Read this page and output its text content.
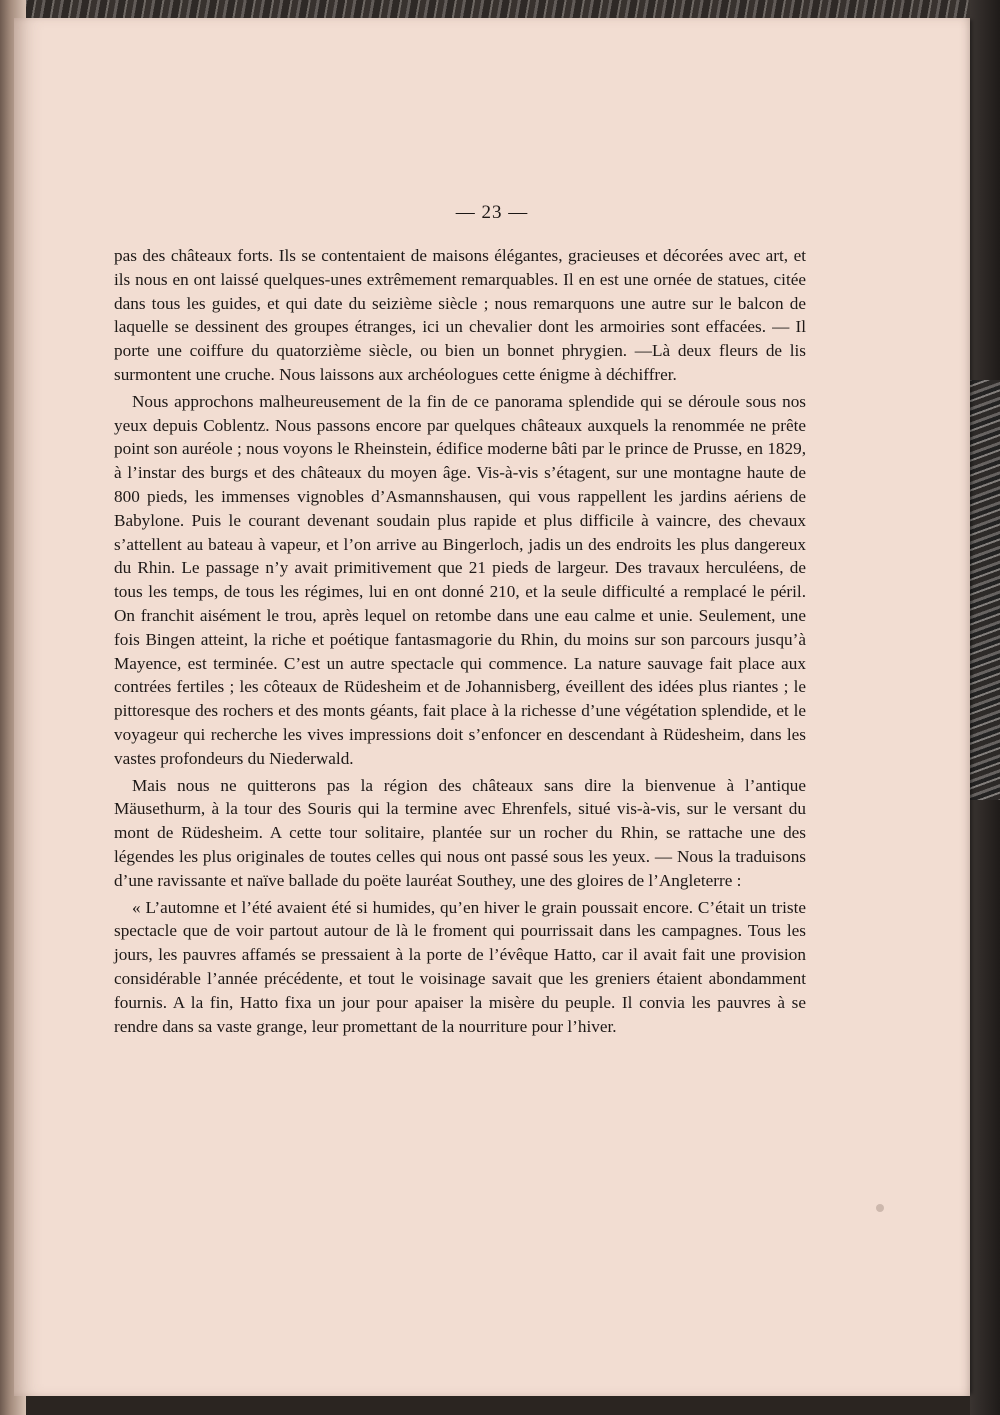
— 23 —

pas des châteaux forts. Ils se contentaient de maisons élégantes, gracieuses et décorées avec art, et ils nous en ont laissé quelques-unes extrêmement remarquables. Il en est une ornée de statues, citée dans tous les guides, et qui date du seizième siècle ; nous remarquons une autre sur le balcon de laquelle se dessinent des groupes étranges, ici un chevalier dont les armoiries sont effacées. — Il porte une coiffure du quatorzième siècle, ou bien un bonnet phrygien. —Là deux fleurs de lis surmontent une cruche. Nous laissons aux archéologues cette énigme à déchiffrer.

Nous approchons malheureusement de la fin de ce panorama splendide qui se déroule sous nos yeux depuis Coblentz. Nous passons encore par quelques châteaux auxquels la renommée ne prête point son auréole ; nous voyons le Rheinstein, édifice moderne bâti par le prince de Prusse, en 1829, à l’instar des burgs et des châteaux du moyen âge. Vis-à-vis s’étagent, sur une montagne haute de 800 pieds, les immenses vignobles d’Asmannshausen, qui vous rappellent les jardins aériens de Babylone. Puis le courant devenant soudain plus rapide et plus difficile à vaincre, des chevaux s’attellent au bateau à vapeur, et l’on arrive au Bingerloch, jadis un des endroits les plus dangereux du Rhin. Le passage n’y avait primitivement que 21 pieds de largeur. Des travaux herculéens, de tous les temps, de tous les régimes, lui en ont donné 210, et la seule difficulté a remplacé le péril. On franchit aisément le trou, après lequel on retombe dans une eau calme et unie. Seulement, une fois Bingen atteint, la riche et poétique fantasmagorie du Rhin, du moins sur son parcours jusqu’à Mayence, est terminée. C’est un autre spectacle qui commence. La nature sauvage fait place aux contrées fertiles ; les côteaux de Rüdesheim et de Johannisberg, éveillent des idées plus riantes ; le pittoresque des rochers et des monts géants, fait place à la richesse d’une végétation splendide, et le voyageur qui recherche les vives impressions doit s’enfoncer en descendant à Rüdesheim, dans les vastes profondeurs du Niederwald.

Mais nous ne quitterons pas la région des châteaux sans dire la bienvenue à l’antique Mäusethurm, à la tour des Souris qui la termine avec Ehrenfels, situé vis-à-vis, sur le versant du mont de Rüdesheim. A cette tour solitaire, plantée sur un rocher du Rhin, se rattache une des légendes les plus originales de toutes celles qui nous ont passé sous les yeux. — Nous la traduisons d’une ravissante et naïve ballade du poëte lauréat Southey, une des gloires de l’Angleterre :

« L’automne et l’été avaient été si humides, qu’en hiver le grain poussait encore. C’était un triste spectacle que de voir partout autour de là le froment qui pourrissait dans les campagnes. Tous les jours, les pauvres affamés se pressaient à la porte de l’évêque Hatto, car il avait fait une provision considérable l’année précédente, et tout le voisinage savait que les greniers étaient abondamment fournis. A la fin, Hatto fixa un jour pour apaiser la misère du peuple. Il convia les pauvres à se rendre dans sa vaste grange, leur promettant de la nourriture pour l’hiver.
